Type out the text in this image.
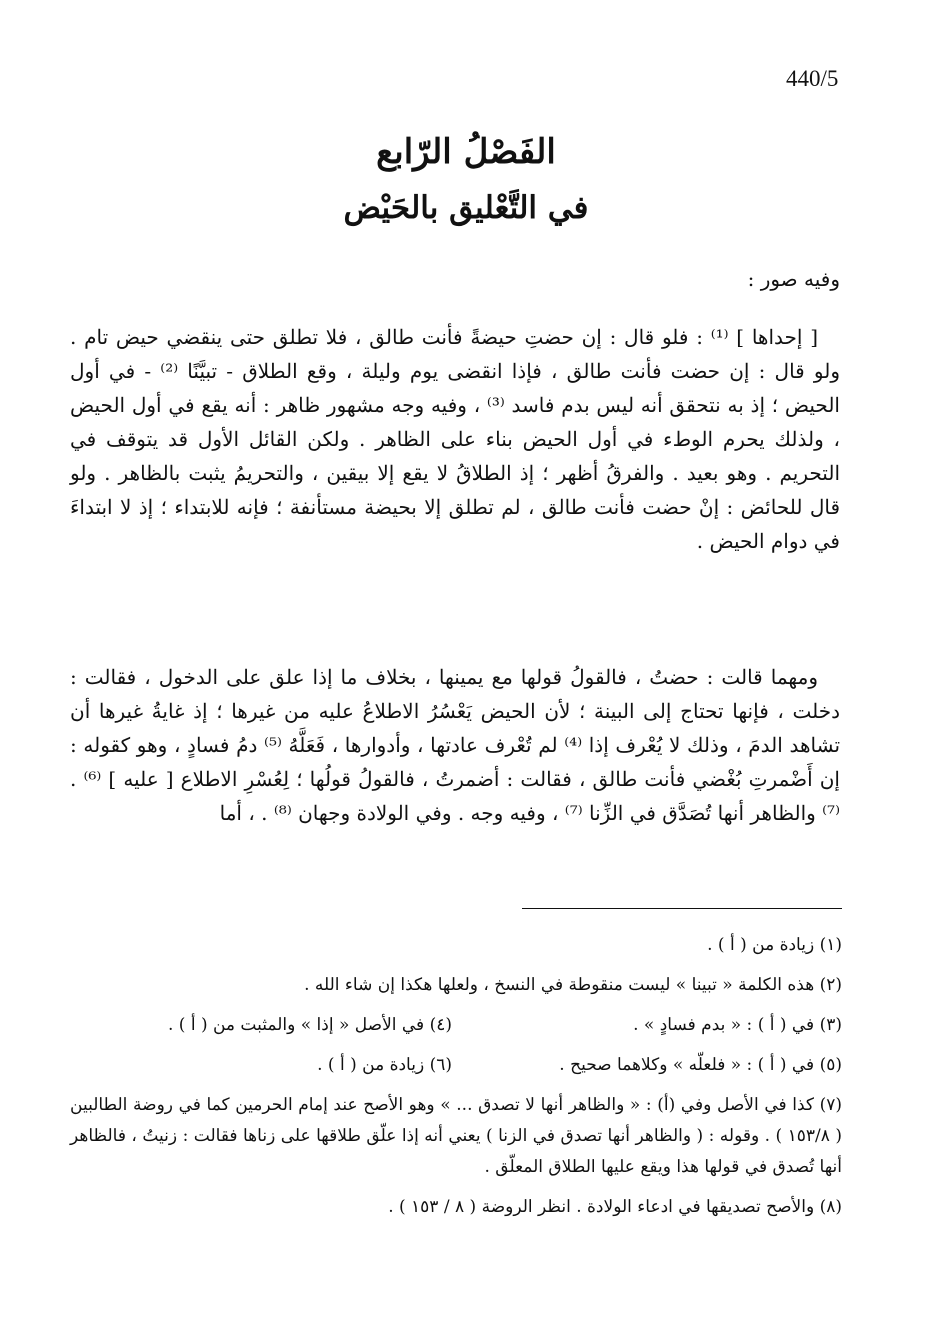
440/5
الفَصْلُ الرّابع
في التَّعْليق بالحَيْض
وفيه صور :
[ إحداها ] ⁽¹⁾ : فلو قال : إن حضتِ حيضةً فأنت طالق ، فلا تطلق حتى ينقضي حيض تام . ولو قال : إن حضت فأنت طالق ، فإذا انقضى يوم وليلة ، وقع الطلاق - تبيَّنًا ⁽²⁾ - في أول الحيض ؛ إذ به نتحقق أنه ليس بدم فاسد ⁽³⁾ ، وفيه وجه مشهور ظاهر : أنه يقع في أول الحيض ، ولذلك يحرم الوطء في أول الحيض بناء على الظاهر . ولكن القائل الأول قد يتوقف في التحريم . وهو بعيد . والفرقُ أظهر ؛ إذ الطلاقُ لا يقع إلا بيقين ، والتحريمُ يثبت بالظاهر . ولو قال للحائض : إنْ حضت فأنت طالق ، لم تطلق إلا بحيضة مستأنفة ؛ فإنه للابتداء ؛ إذ لا ابتداءَ في دوام الحيض .
ومهما قالت : حضتُ ، فالقولُ قولها مع يمينها ، بخلاف ما إذا علق على الدخول ، فقالت : دخلت ، فإنها تحتاج إلى البينة ؛ لأن الحيض يَعْسُرُ الاطلاعُ عليه من غيرها ؛ إذ غايةُ غيرها أن تشاهد الدمَ ، وذلك لا يُعْرف إذا ⁽⁴⁾ لم تُعْرف عادتها ، وأدوارها ، فَعَلَّهُ ⁽⁵⁾ دمُ فسادٍ ، وهو كقوله : إن أَضْمرتِ بُغْضي فأنت طالق ، فقالت : أضمرتُ ، فالقولُ قولُها ؛ لِعُسْرِ الاطلاع [ عليه ] ⁽⁶⁾ . ⁽⁷⁾ والظاهر أنها تُصَدَّق في الزِّنا ⁽⁷⁾ ، وفيه وجه . وفي الولادة وجهان ⁽⁸⁾ . ، أما
(١) زيادة من ( أ ) .
(٢) هذه الكلمة « تبينا » ليست منقوطة في النسخ ، ولعلها هكذا إن شاء الله .
(٣) في ( أ ) : « بدم فسادٍ » .
(٤) في الأصل « إذا » والمثبت من ( أ ) .
(٥) في ( أ ) : « فلعلّه » وكلاهما صحيح .
(٦) زيادة من ( أ ) .
(٧) كذا في الأصل وفي (أ) : « والظاهر أنها لا تصدق ... » وهو الأصح عند إمام الحرمين كما في روضة الطالبين ( ١٥٣/٨ ) . وقوله : ( والظاهر أنها تصدق في الزنا ) يعني أنه إذا علّق طلاقها على زناها فقالت : زنيتُ ، فالظاهر أنها تُصدق في قولها هذا ويقع عليها الطلاق المعلّق .
(٨) والأصح تصديقها في ادعاء الولادة . انظر الروضة ( ٨ / ١٥٣ ) .
